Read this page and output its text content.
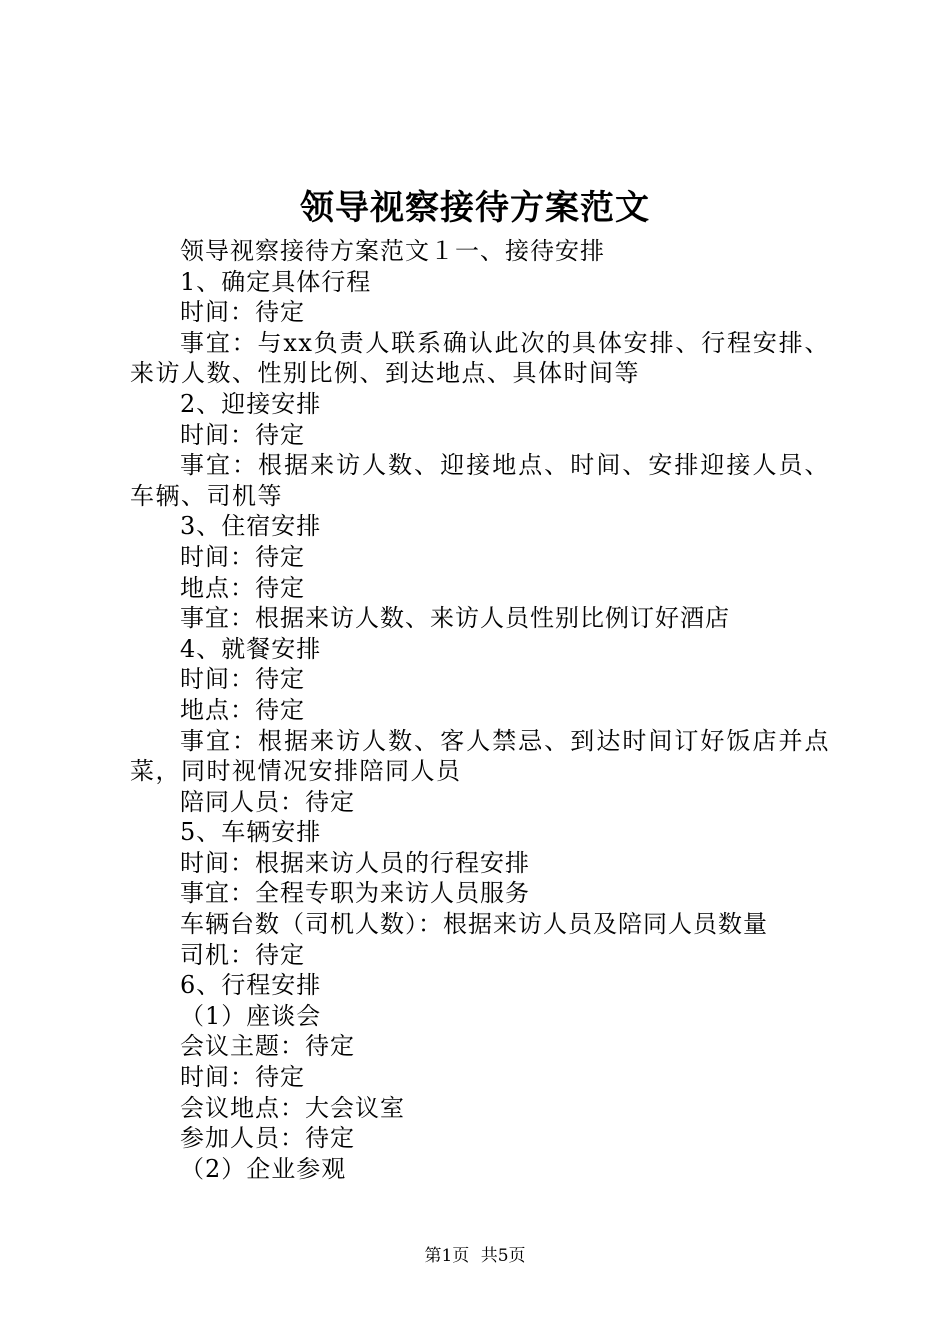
领导视察接待方案范文
领导视察接待方案范文１一、接待安排
1、确定具体行程
时间：待定
事宜：与xx负责人联系确认此次的具体安排、行程安排、来访人数、性别比例、到达地点、具体时间等
2、迎接安排
时间：待定
事宜：根据来访人数、迎接地点、时间、安排迎接人员、车辆、司机等
3、住宿安排
时间：待定
地点：待定
事宜：根据来访人数、来访人员性别比例订好酒店
4、就餐安排
时间：待定
地点：待定
事宜：根据来访人数、客人禁忌、到达时间订好饭店并点菜，同时视情况安排陪同人员
陪同人员：待定
5、车辆安排
时间：根据来访人员的行程安排
事宜：全程专职为来访人员服务
车辆台数（司机人数）：根据来访人员及陪同人员数量
司机：待定
6、行程安排
（1）座谈会
会议主题：待定
时间：待定
会议地点：大会议室
参加人员：待定
（2）企业参观
第1页 共5页
